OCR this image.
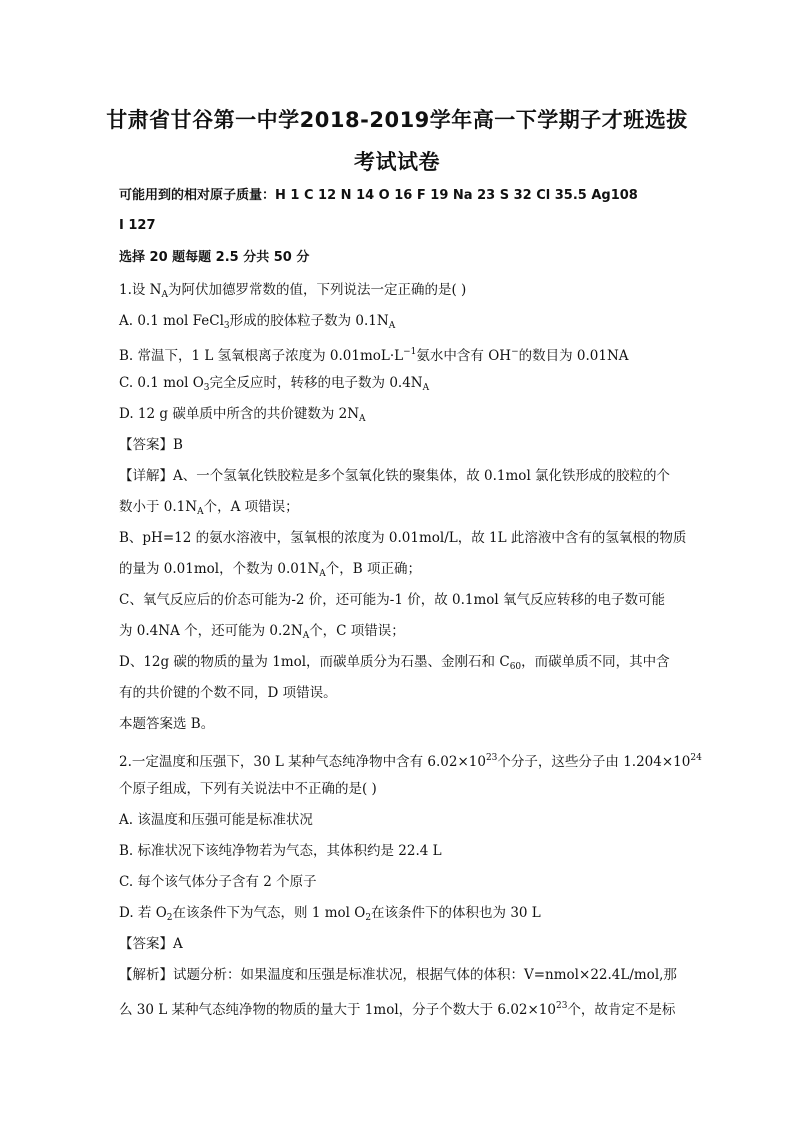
甘肃省甘谷第一中学2018-2019学年高一下学期子才班选拔
考试试卷
可能用到的相对原子质量：H 1 C 12 N 14 O 16 F 19 Na 23 S 32 Cl 35.5 Ag108
I 127
选择 20 题每题 2.5 分共 50 分
1.设 $N_A$为阿伏加德罗常数的值，下列说法一定正确的是( )
A. 0.1 mol FeCl$_3$形成的胶体粒子数为 $0.1N_A$
B. 常温下，1 L 氢氧根离子浓度为 $0.01moL\cdot L^{-1}$氨水中含有 OH−的数目为 0.01NA
C. 0.1 mol $O_3$完全反应时，转移的电子数为 $0.4N_A$
D. 12 g 碳单质中所含的共价键数为 $2N_A$
【答案】B
【详解】A、一个氢氧化铁胶粒是多个氢氧化铁的聚集体，故 0.1mol 氯化铁形成的胶粒的个
数小于 $0.1N_A$个，A 项错误；
B、pH=12 的氨水溶液中，氢氧根的浓度为 0.01mol/L，故 1L 此溶液中含有的氢氧根的物质
的量为 0.01mol，个数为 $0.01N_A$个，B 项正确；
C、氧气反应后的价态可能为-2 价，还可能为-1 价，故 0.1mol 氧气反应转移的电子数可能
为 0.4NA 个，还可能为 $0.2N_A$个，C 项错误；
D、12g 碳的物质的量为 1mol，而碳单质分为石墨、金刚石和 $C_{60}$，而碳单质不同，其中含
有的共价键的个数不同，D 项错误。
本题答案选 B。
2.一定温度和压强下，30 L 某种气态纯净物中含有 $6.02\times 10^{23}$个分子，这些分子由 $1.204\times 10^{24}$
个原子组成，下列有关说法中不正确的是( )
A. 该温度和压强可能是标准状况
B. 标准状况下该纯净物若为气态，其体积约是 22.4 L
C. 每个该气体分子含有 2 个原子
D. 若 $O_2$在该条件下为气态，则 1 mol $O_2$在该条件下的体积也为 30 L
【答案】A
【解析】试题分析：如果温度和压强是标准状况，根据气体的体积：V=nmol×22.4L/mol,那
么 30 L 某种气态纯净物的物质的量大于 1mol，分子个数大于 $6.02\times 10^{23}$个，故肯定不是标
